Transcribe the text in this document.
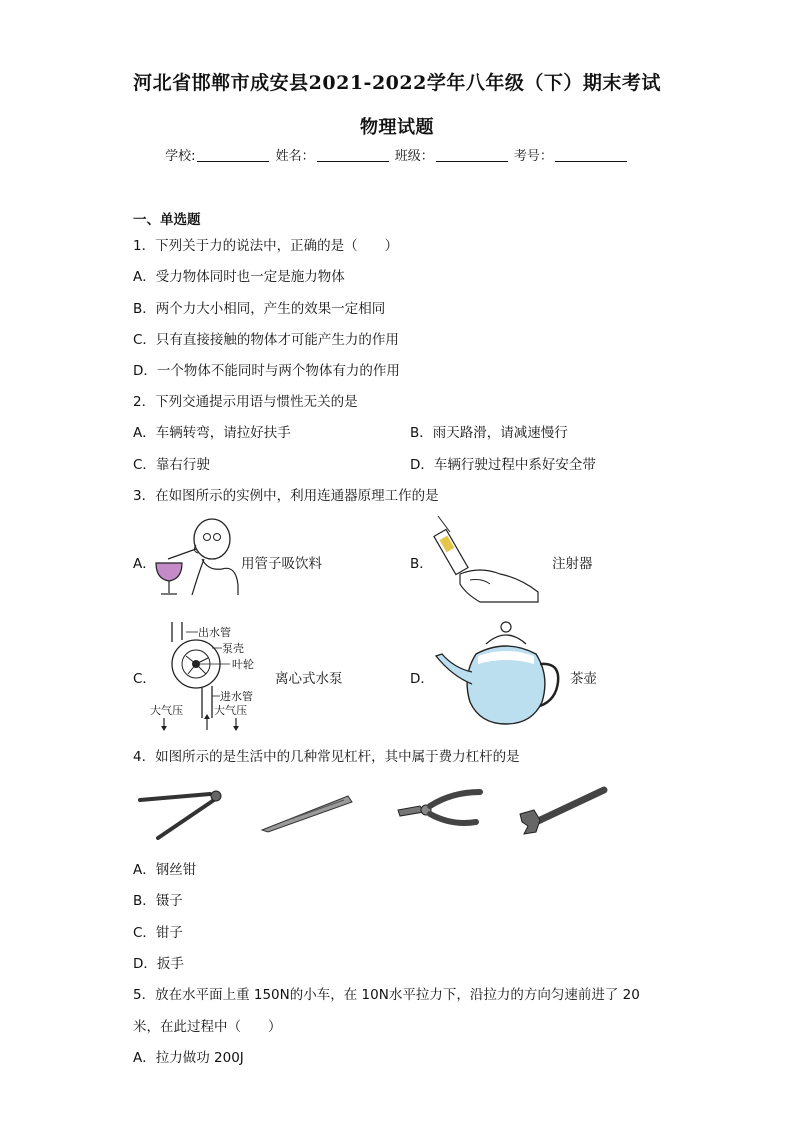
河北省邯郸市成安县2021-2022学年八年级（下）期末考试
物理试题
学校:	姓名：	班级：	考号：
一、单选题
1．下列关于力的说法中，正确的是（　　）
A．受力物体同时也一定是施力物体
B．两个力大小相同，产生的效果一定相同
C．只有直接接触的物体才可能产生力的作用
D．一个物体不能同时与两个物体有力的作用
2．下列交通提示用语与惯性无关的是
A．车辆转弯，请拉好扶手	B．雨天路滑，请减速慢行
C．靠右行驶	D．车辆行驶过程中系好安全带
3．在如图所示的实例中，利用连通器原理工作的是
A．	用管子吸饮料	B．	注射器
C．
出水管
泵壳
叶轮
进水管
大气压	大气压
离心式水泵	D．	茶壶
4．如图所示的是生活中的几种常见杠杆，其中属于费力杠杆的是
A．钢丝钳
B．镊子
C．钳子
D．扳手
5．放在水平面上重 150N的小车，在 10N水平拉力下，沿拉力的方向匀速前进了 20
米，在此过程中（　　）
A．拉力做功 200J
